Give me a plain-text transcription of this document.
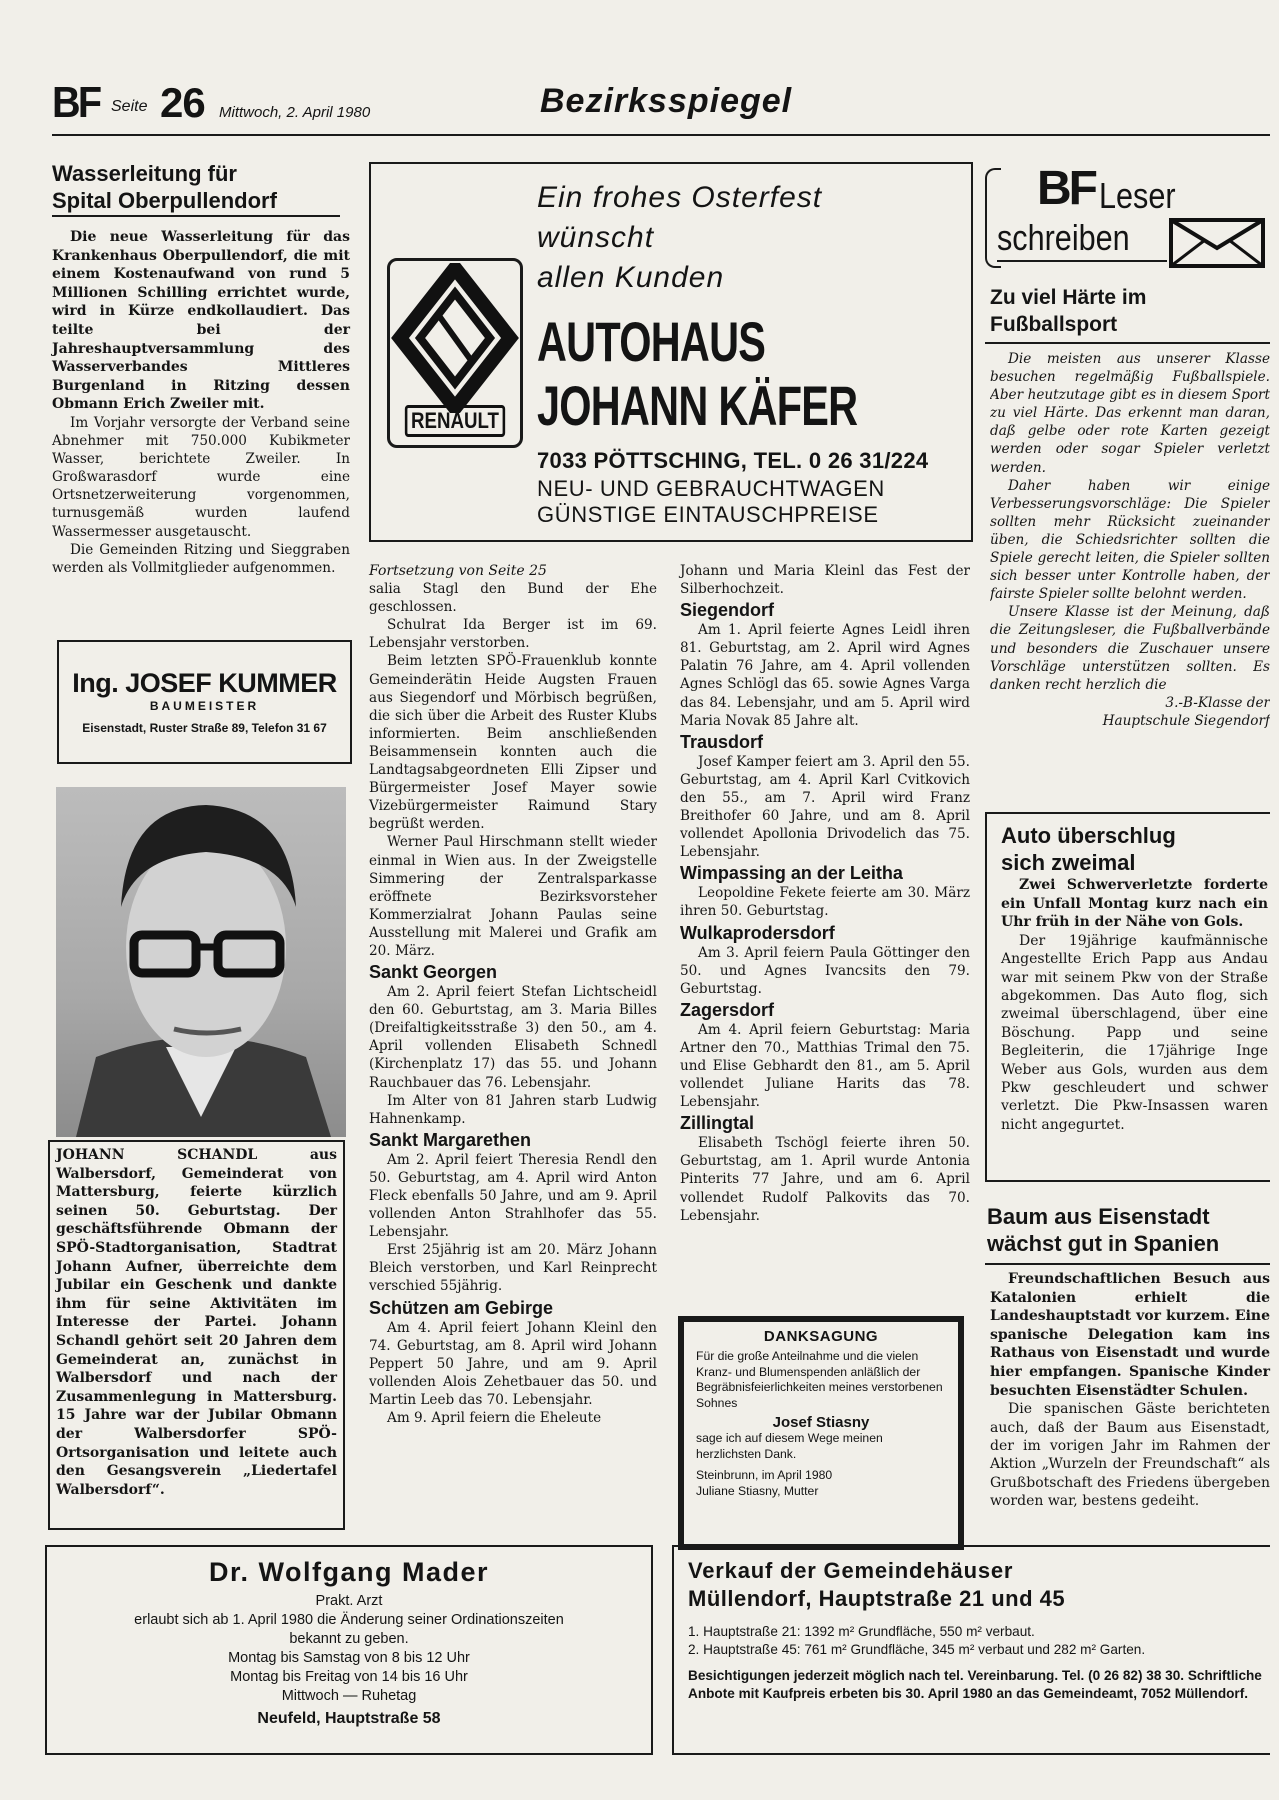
BF Seite 26 Mittwoch, 2. April 1980	Bezirksspiegel
Wasserleitung für
Spital Oberpullendorf

Die neue Wasserleitung für das Krankenhaus Oberpullendorf, die mit einem Kostenaufwand von rund 5 Millionen Schilling errichtet wurde, wird in Kürze endkollaudiert. Das teilte bei der Jahreshauptversammlung des Wasserverbandes Mittleres Burgenland in Ritzing dessen Obmann Erich Zweiler mit.

Im Vorjahr versorgte der Verband seine Abnehmer mit 750.000 Kubikmeter Wasser, berichtete Zweiler. In Großwarasdorf wurde eine Ortsnetzerweiterung vorgenommen, turnusgemäß wurden laufend Wassermesser ausgetauscht.

Die Gemeinden Ritzing und Sieggraben werden als Vollmitglieder aufgenommen.

Ing. JOSEF KUMMER
BAUMEISTER
Eisenstadt, Ruster Straße 89, Telefon 31 67

JOHANN SCHANDL aus Walbersdorf, Gemeinderat von Mattersburg, feierte kürzlich seinen 50. Geburtstag. Der geschäftsführende Obmann der SPÖ-Stadtorganisation, Stadtrat Johann Aufner, überreichte dem Jubilar ein Geschenk und dankte ihm für seine Aktivitäten im Interesse der Partei. Johann Schandl gehört seit 20 Jahren dem Gemeinderat an, zunächst in Walbersdorf und nach der Zusammenlegung in Mattersburg. 15 Jahre war der Jubilar Obmann der Walbersdorfer SPÖ-Ortsorganisation und leitete auch den Gesangsverein „Liedertafel Walbersdorf“.

Ein frohes Osterfest
wünscht
allen Kunden
RENAULT
AUTOHAUS
JOHANN KÄFER
7033 PÖTTSCHING, TEL. 0 26 31/224
NEU- UND GEBRAUCHTWAGEN
GÜNSTIGE EINTAUSCHPREISE

Fortsetzung von Seite 25

salia Stagl den Bund der Ehe geschlossen.

Schulrat Ida Berger ist im 69. Lebensjahr verstorben.

Beim letzten SPÖ-Frauenklub konnte Gemeinderätin Heide Augsten Frauen aus Siegendorf und Mörbisch begrüßen, die sich über die Arbeit des Ruster Klubs informierten. Beim anschließenden Beisammensein konnten auch die Landtagsabgeordneten Elli Zipser und Bürgermeister Josef Mayer sowie Vizebürgermeister Raimund Stary begrüßt werden.

Werner Paul Hirschmann stellt wieder einmal in Wien aus. In der Zweigstelle Simmering der Zentralsparkasse eröffnete Bezirksvorsteher Kommerzialrat Johann Paulas seine Ausstellung mit Malerei und Grafik am 20. März.

Sankt Georgen

Am 2. April feiert Stefan Lichtscheidl den 60. Geburtstag, am 3. Maria Billes (Dreifaltigkeitsstraße 3) den 50., am 4. April vollenden Elisabeth Schnedl (Kirchenplatz 17) das 55. und Johann Rauchbauer das 76. Lebensjahr.

Im Alter von 81 Jahren starb Ludwig Hahnenkamp.

Sankt Margarethen

Am 2. April feiert Theresia Rendl den 50. Geburtstag, am 4. April wird Anton Fleck ebenfalls 50 Jahre, und am 9. April vollenden Anton Strahlhofer das 55. Lebensjahr.

Erst 25jährig ist am 20. März Johann Bleich verstorben, und Karl Reinprecht verschied 55jährig.

Schützen am Gebirge

Am 4. April feiert Johann Kleinl den 74. Geburtstag, am 8. April wird Johann Peppert 50 Jahre, und am 9. April vollenden Alois Zehetbauer das 50. und Martin Leeb das 70. Lebensjahr.

Am 9. April feiern die Eheleute

Johann und Maria Kleinl das Fest der Silberhochzeit.

Siegendorf

Am 1. April feierte Agnes Leidl ihren 81. Geburtstag, am 2. April wird Agnes Palatin 76 Jahre, am 4. April vollenden Agnes Schlögl das 65. sowie Agnes Varga das 84. Lebensjahr, und am 5. April wird Maria Novak 85 Jahre alt.

Trausdorf

Josef Kamper feiert am 3. April den 55. Geburtstag, am 4. April Karl Cvitkovich den 55., am 7. April wird Franz Breithofer 60 Jahre, und am 8. April vollendet Apollonia Drivodelich das 75. Lebensjahr.

Wimpassing an der Leitha

Leopoldine Fekete feierte am 30. März ihren 50. Geburtstag.

Wulkaprodersdorf

Am 3. April feiern Paula Göttinger den 50. und Agnes Ivancsits den 79. Geburtstag.

Zagersdorf

Am 4. April feiern Geburtstag: Maria Artner den 70., Matthias Trimal den 75. und Elise Gebhardt den 81., am 5. April vollendet Juliane Harits das 78. Lebensjahr.

Zillingtal

Elisabeth Tschögl feierte ihren 50. Geburtstag, am 1. April wurde Antonia Pinterits 77 Jahre, und am 6. April vollendet Rudolf Palkovits das 70. Lebensjahr.

DANKSAGUNG

Für die große Anteilnahme und die vielen Kranz- und Blumenspenden anläßlich der Begräbnisfeierlichkeiten meines verstorbenen Sohnes

Josef Stiasny

sage ich auf diesem Wege meinen herzlichsten Dank.

Steinbrunn, im April 1980

Juliane Stiasny, Mutter

BF Leser
schreiben
Zu viel Härte im
Fußballsport

Die meisten aus unserer Klasse besuchen regelmäßig Fußballspiele. Aber heutzutage gibt es in diesem Sport zu viel Härte. Das erkennt man daran, daß gelbe oder rote Karten gezeigt werden oder sogar Spieler verletzt werden.

Daher haben wir einige Verbesserungsvorschläge: Die Spieler sollten mehr Rücksicht zueinander üben, die Schiedsrichter sollten die Spiele gerecht leiten, die Spieler sollten sich besser unter Kontrolle haben, der fairste Spieler sollte belohnt werden.

Unsere Klasse ist der Meinung, daß die Zeitungsleser, die Fußballverbände und besonders die Zuschauer unsere Vorschläge unterstützen sollten. Es danken recht herzlich die

3.-B-Klasse der

Hauptschule Siegendorf

Auto überschlug
sich zweimal

Zwei Schwerverletzte forderte ein Unfall Montag kurz nach ein Uhr früh in der Nähe von Gols.

Der 19jährige kaufmännische Angestellte Erich Papp aus Andau war mit seinem Pkw von der Straße abgekommen. Das Auto flog, sich zweimal überschlagend, über eine Böschung. Papp und seine Begleiterin, die 17jährige Inge Weber aus Gols, wurden aus dem Pkw geschleudert und schwer verletzt. Die Pkw-Insassen waren nicht angegurtet.

Baum aus Eisenstadt
wächst gut in Spanien

Freundschaftlichen Besuch aus Katalonien erhielt die Landeshauptstadt vor kurzem. Eine spanische Delegation kam ins Rathaus von Eisenstadt und wurde hier empfangen. Spanische Kinder besuchten Eisenstädter Schulen.

Die spanischen Gäste berichteten auch, daß der Baum aus Eisenstadt, der im vorigen Jahr im Rahmen der Aktion „Wurzeln der Freundschaft“ als Grußbotschaft des Friedens übergeben worden war, bestens gedeiht.

Dr. Wolfgang Mader
Prakt. Arzt
erlaubt sich ab 1. April 1980 die Änderung seiner Ordinationszeiten
bekannt zu geben.
Montag bis Samstag von 8 bis 12 Uhr
Montag bis Freitag von 14 bis 16 Uhr
Mittwoch — Ruhetag
Neufeld, Hauptstraße 58
Verkauf der Gemeindehäuser
Müllendorf, Hauptstraße 21 und 45
1. Hauptstraße 21: 1392 m² Grundfläche, 550 m² verbaut.
2. Hauptstraße 45: 761 m² Grundfläche, 345 m² verbaut und 282 m² Garten.
Besichtigungen jederzeit möglich nach tel. Vereinbarung. Tel. (0 26 82) 38 30. Schriftliche Anbote mit Kaufpreis erbeten bis 30. April 1980 an das Gemeindeamt, 7052 Müllendorf.
